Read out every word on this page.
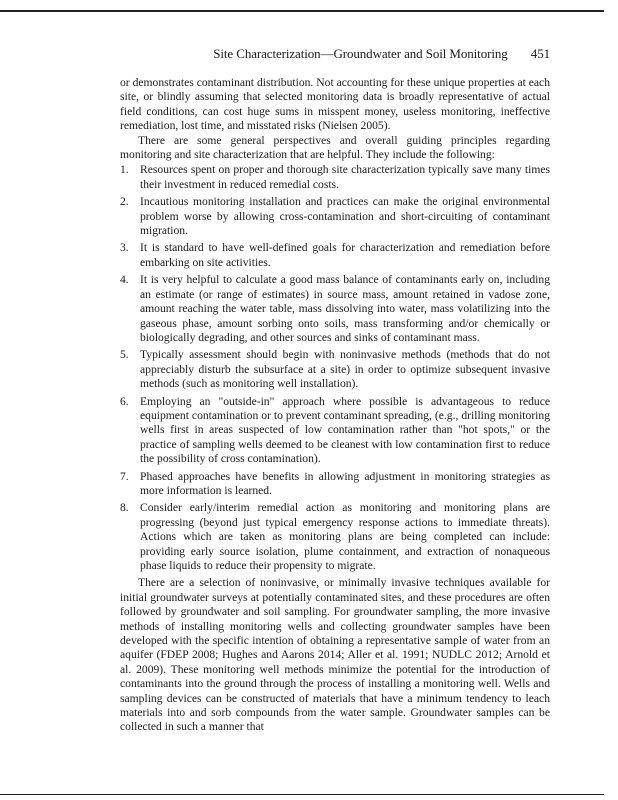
Site Characterization—Groundwater and Soil Monitoring 451

or demonstrates contaminant distribution. Not accounting for these unique properties at each site, or blindly assuming that selected monitoring data is broadly representative of actual field conditions, can cost huge sums in misspent money, useless monitoring, ineffective remediation, lost time, and misstated risks (Nielsen 2005).

There are some general perspectives and overall guiding principles regarding monitoring and site characterization that are helpful. They include the following:

1. Resources spent on proper and thorough site characterization typically save many times their investment in reduced remedial costs.
2. Incautious monitoring installation and practices can make the original environmental problem worse by allowing cross-contamination and short-circuiting of contaminant migration.
3. It is standard to have well-defined goals for characterization and remediation before embarking on site activities.
4. It is very helpful to calculate a good mass balance of contaminants early on, including an estimate (or range of estimates) in source mass, amount retained in vadose zone, amount reaching the water table, mass dissolving into water, mass volatilizing into the gaseous phase, amount sorbing onto soils, mass transforming and/or chemically or biologically degrading, and other sources and sinks of contaminant mass.
5. Typically assessment should begin with noninvasive methods (methods that do not appreciably disturb the subsurface at a site) in order to optimize subsequent invasive methods (such as monitoring well installation).
6. Employing an "outside-in" approach where possible is advantageous to reduce equipment contamination or to prevent contaminant spreading, (e.g., drilling monitoring wells first in areas suspected of low contamination rather than "hot spots," or the practice of sampling wells deemed to be cleanest with low contamination first to reduce the possibility of cross contamination).
7. Phased approaches have benefits in allowing adjustment in monitoring strategies as more information is learned.
8. Consider early/interim remedial action as monitoring and monitoring plans are progressing (beyond just typical emergency response actions to immediate threats). Actions which are taken as monitoring plans are being completed can include: providing early source isolation, plume containment, and extraction of nonaqueous phase liquids to reduce their propensity to migrate.

There are a selection of noninvasive, or minimally invasive techniques available for initial groundwater surveys at potentially contaminated sites, and these procedures are often followed by groundwater and soil sampling. For groundwater sampling, the more invasive methods of installing monitoring wells and collecting groundwater samples have been developed with the specific intention of obtaining a representative sample of water from an aquifer (FDEP 2008; Hughes and Aarons 2014; Aller et al. 1991; NUDLC 2012; Arnold et al. 2009). These monitoring well methods minimize the potential for the introduction of contaminants into the ground through the process of installing a monitoring well. Wells and sampling devices can be constructed of materials that have a minimum tendency to leach materials into and sorb compounds from the water sample. Groundwater samples can be collected in such a manner that
